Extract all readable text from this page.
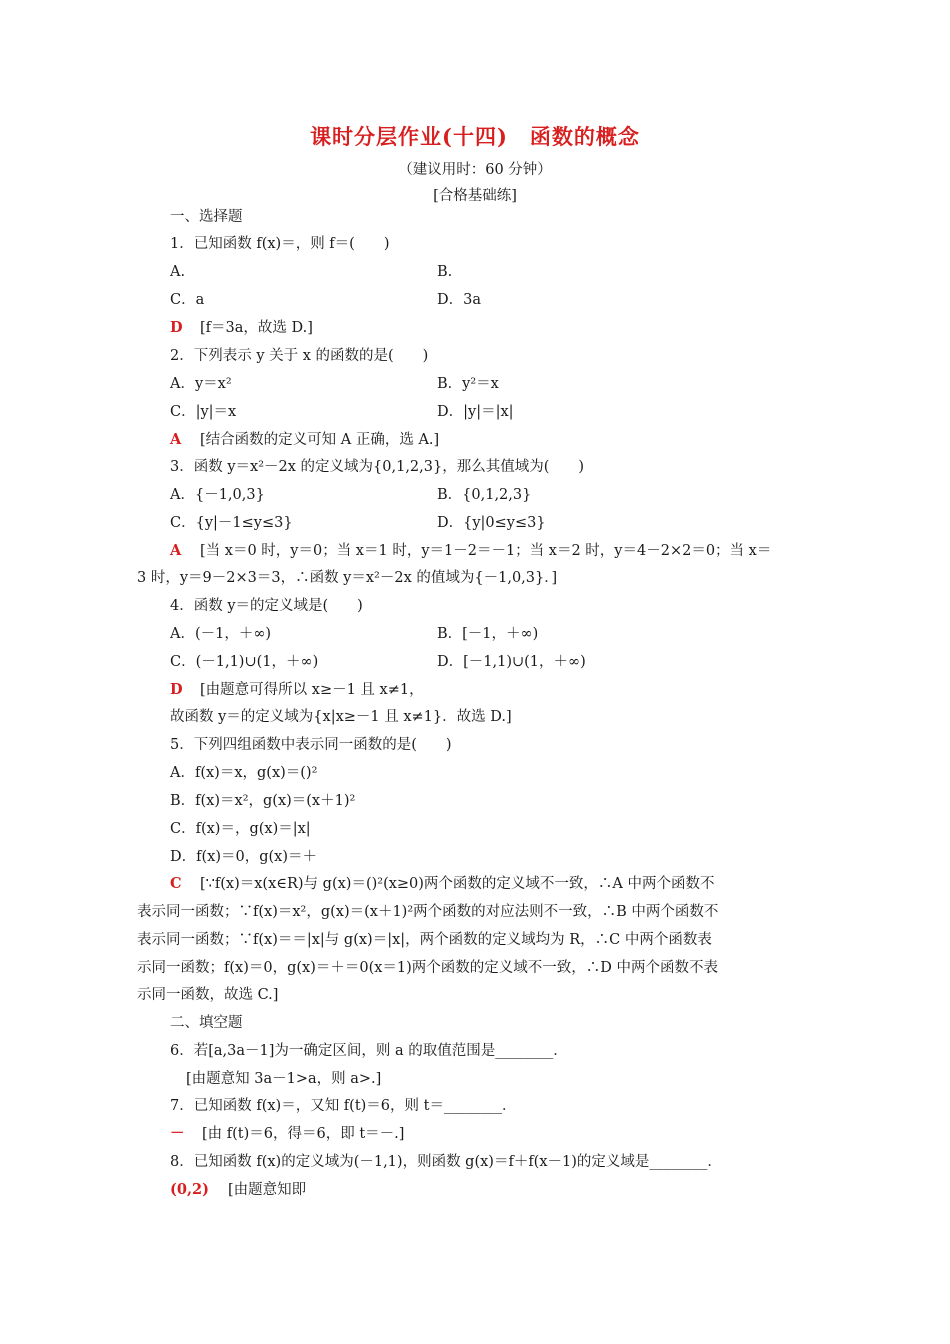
课时分层作业(十四)　函数的概念
（建议用时：60 分钟）
[合格基础练]
一、选择题
1．已知函数 f(x)＝，则 f＝(　　)
A.	B.
C．a	D．3a
D [f＝3a，故选 D.]
2．下列表示 y 关于 x 的函数的是(　　)
A．y＝x²	B．y²＝x
C．|y|＝x	D．|y|＝|x|
A [结合函数的定义可知 A 正确，选 A.]
3．函数 y＝x²－2x 的定义域为{0,1,2,3}，那么其值域为(　　)
A．{－1,0,3}	B．{0,1,2,3}
C．{y|－1≤y≤3}	D．{y|0≤y≤3}
A [当 x＝0 时，y＝0；当 x＝1 时，y＝1－2＝－1；当 x＝2 时，y＝4－2×2＝0；当 x＝
3 时，y＝9－2×3＝3，∴函数 y＝x²－2x 的值域为{－1,0,3}．]
4．函数 y＝的定义域是(　　)
A．(－1，＋∞)	B．[－1，＋∞)
C．(－1,1)∪(1，＋∞)	D．[－1,1)∪(1，＋∞)
D [由题意可得所以 x≥－1 且 x≠1，
故函数 y＝的定义域为{x|x≥－1 且 x≠1}．故选 D.]
5．下列四组函数中表示同一函数的是(　　)
A．f(x)＝x，g(x)＝()²
B．f(x)＝x²，g(x)＝(x＋1)²
C．f(x)＝，g(x)＝|x|
D．f(x)＝0，g(x)＝＋
C [∵f(x)＝x(x∈R)与 g(x)＝()²(x≥0)两个函数的定义域不一致，∴A 中两个函数不
表示同一函数；∵f(x)＝x²，g(x)＝(x＋1)²两个函数的对应法则不一致，∴B 中两个函数不
表示同一函数；∵f(x)＝＝|x|与 g(x)＝|x|，两个函数的定义域均为 R，∴C 中两个函数表
示同一函数；f(x)＝0，g(x)＝＋＝0(x＝1)两个函数的定义域不一致，∴D 中两个函数不表
示同一函数，故选 C.]
二、填空题
6．若[a,3a－1]为一确定区间，则 a 的取值范围是________．
[由题意知 3a－1>a，则 a>.]
7．已知函数 f(x)＝，又知 f(t)＝6，则 t＝________．
－ [由 f(t)＝6，得＝6，即 t＝－.]
8．已知函数 f(x)的定义域为(－1,1)，则函数 g(x)＝f＋f(x－1)的定义域是________．
(0,2) [由题意知即
